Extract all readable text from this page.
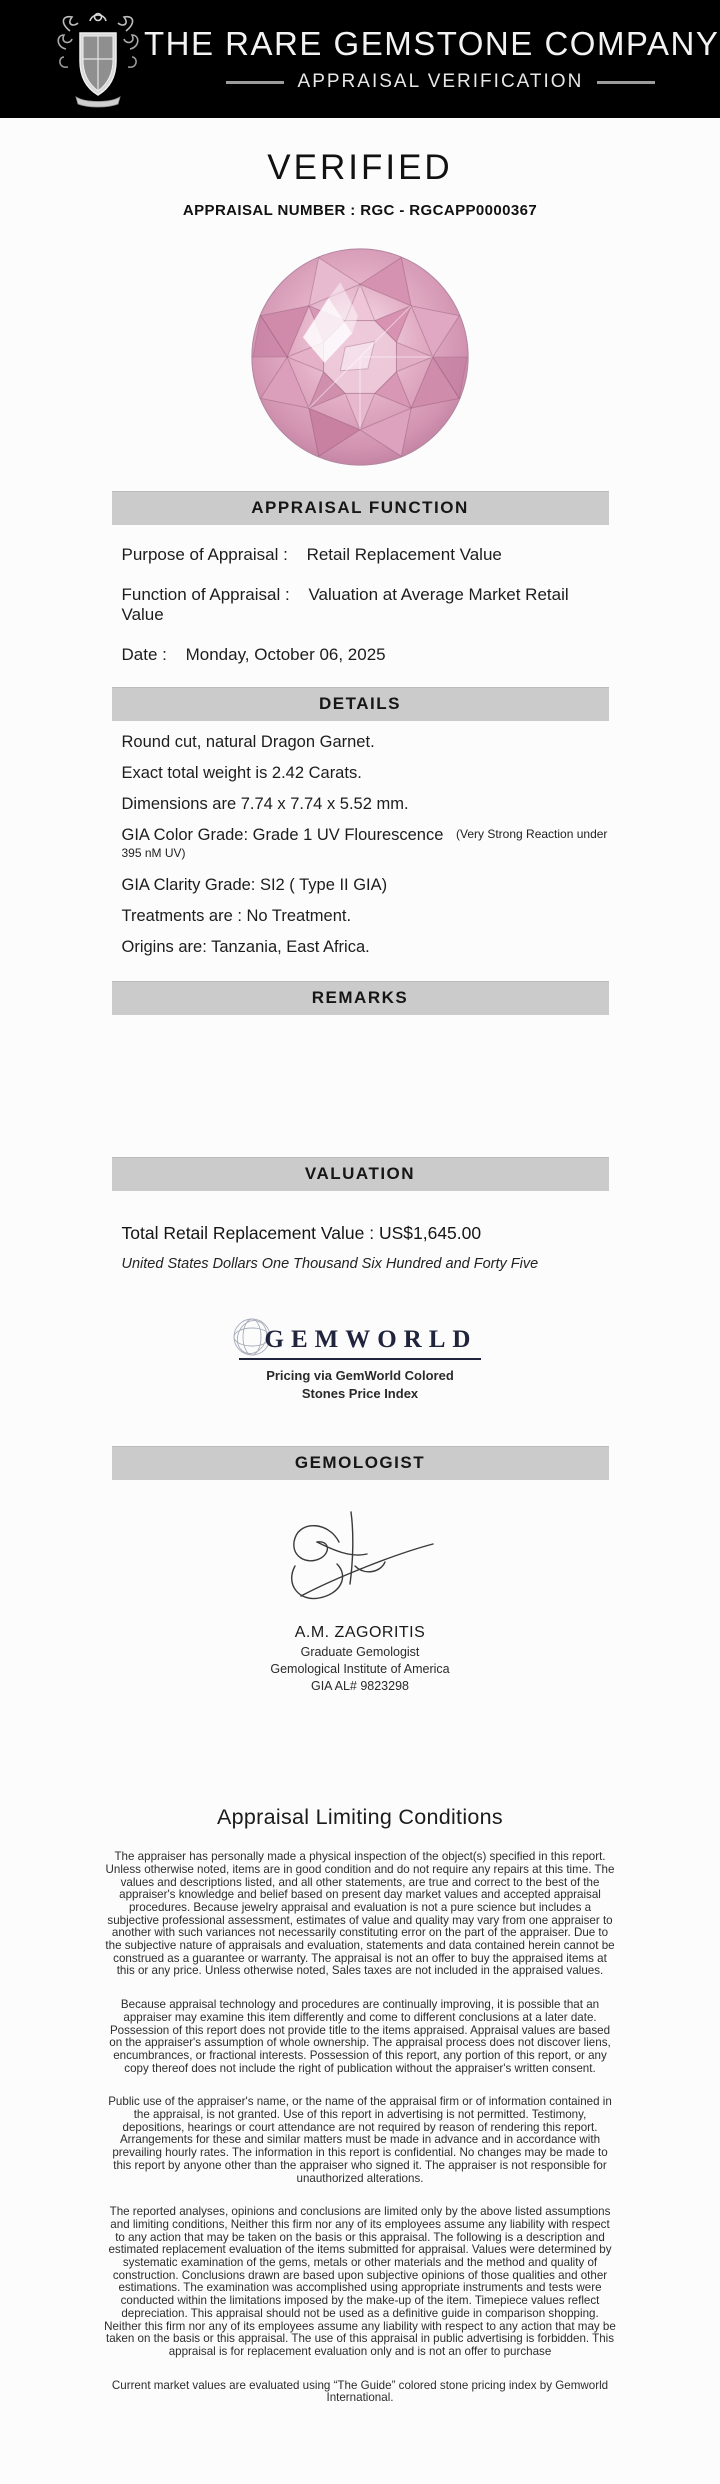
THE RARE GEMSTONE COMPANY
APPRAISAL VERIFICATION
VERIFIED
APPRAISAL NUMBER : RGC - RGCAPP0000367
APPRAISAL FUNCTION
Purpose of Appraisal : Retail Replacement Value
Function of Appraisal : Valuation at Average Market Retail Value
Date : Monday, October 06, 2025
DETAILS
Round cut, natural Dragon Garnet.
Exact total weight is 2.42 Carats.
Dimensions are 7.74 x 7.74 x 5.52 mm.
GIA Color Grade: Grade 1 UV Flourescence (Very Strong Reaction under 395 nM UV)
GIA Clarity Grade: SI2 ( Type II GIA)
Treatments are : No Treatment.
Origins are: Tanzania, East Africa.
REMARKS
VALUATION
Total Retail Replacement Value : US$1,645.00
United States Dollars One Thousand Six Hundred and Forty Five
GEMWORLD
Pricing via GemWorld Colored
Stones Price Index
GEMOLOGIST
A.M. ZAGORITIS
Graduate Gemologist
Gemological Institute of America
GIA AL# 9823298
Appraisal Limiting Conditions

The appraiser has personally made a physical inspection of the object(s) specified in this report. Unless otherwise noted, items are in good condition and do not require any repairs at this time. The values and descriptions listed, and all other statements, are true and correct to the best of the appraiser's knowledge and belief based on present day market values and accepted appraisal procedures. Because jewelry appraisal and evaluation is not a pure science but includes a subjective professional assessment, estimates of value and quality may vary from one appraiser to another with such variances not necessarily constituting error on the part of the appraiser. Due to the subjective nature of appraisals and evaluation, statements and data contained herein cannot be construed as a guarantee or warranty. The appraisal is not an offer to buy the appraised items at this or any price. Unless otherwise noted, Sales taxes are not included in the appraised values.

Because appraisal technology and procedures are continually improving, it is possible that an appraiser may examine this item differently and come to different conclusions at a later date. Possession of this report does not provide title to the items appraised. Appraisal values are based on the appraiser's assumption of whole ownership. The appraisal process does not discover liens, encumbrances, or fractional interests. Possession of this report, any portion of this report, or any copy thereof does not include the right of publication without the appraiser's written consent.

Public use of the appraiser's name, or the name of the appraisal firm or of information contained in the appraisal, is not granted. Use of this report in advertising is not permitted. Testimony, depositions, hearings or court attendance are not required by reason of rendering this report. Arrangements for these and similar matters must be made in advance and in accordance with prevailing hourly rates. The information in this report is confidential. No changes may be made to this report by anyone other than the appraiser who signed it. The appraiser is not responsible for unauthorized alterations.

The reported analyses, opinions and conclusions are limited only by the above listed assumptions and limiting conditions, Neither this firm nor any of its employees assume any liability with respect to any action that may be taken on the basis or this appraisal. The following is a description and estimated replacement evaluation of the items submitted for appraisal. Values were determined by systematic examination of the gems, metals or other materials and the method and quality of construction. Conclusions drawn are based upon subjective opinions of those qualities and other estimations. The examination was accomplished using appropriate instruments and tests were conducted within the limitations imposed by the make-up of the item. Timepiece values reflect depreciation. This appraisal should not be used as a definitive guide in comparison shopping. Neither this firm nor any of its employees assume any liability with respect to any action that may be taken on the basis or this appraisal. The use of this appraisal in public advertising is forbidden. This appraisal is for replacement evaluation only and is not an offer to purchase

Current market values are evaluated using “The Guide” colored stone pricing index by Gemworld International.
